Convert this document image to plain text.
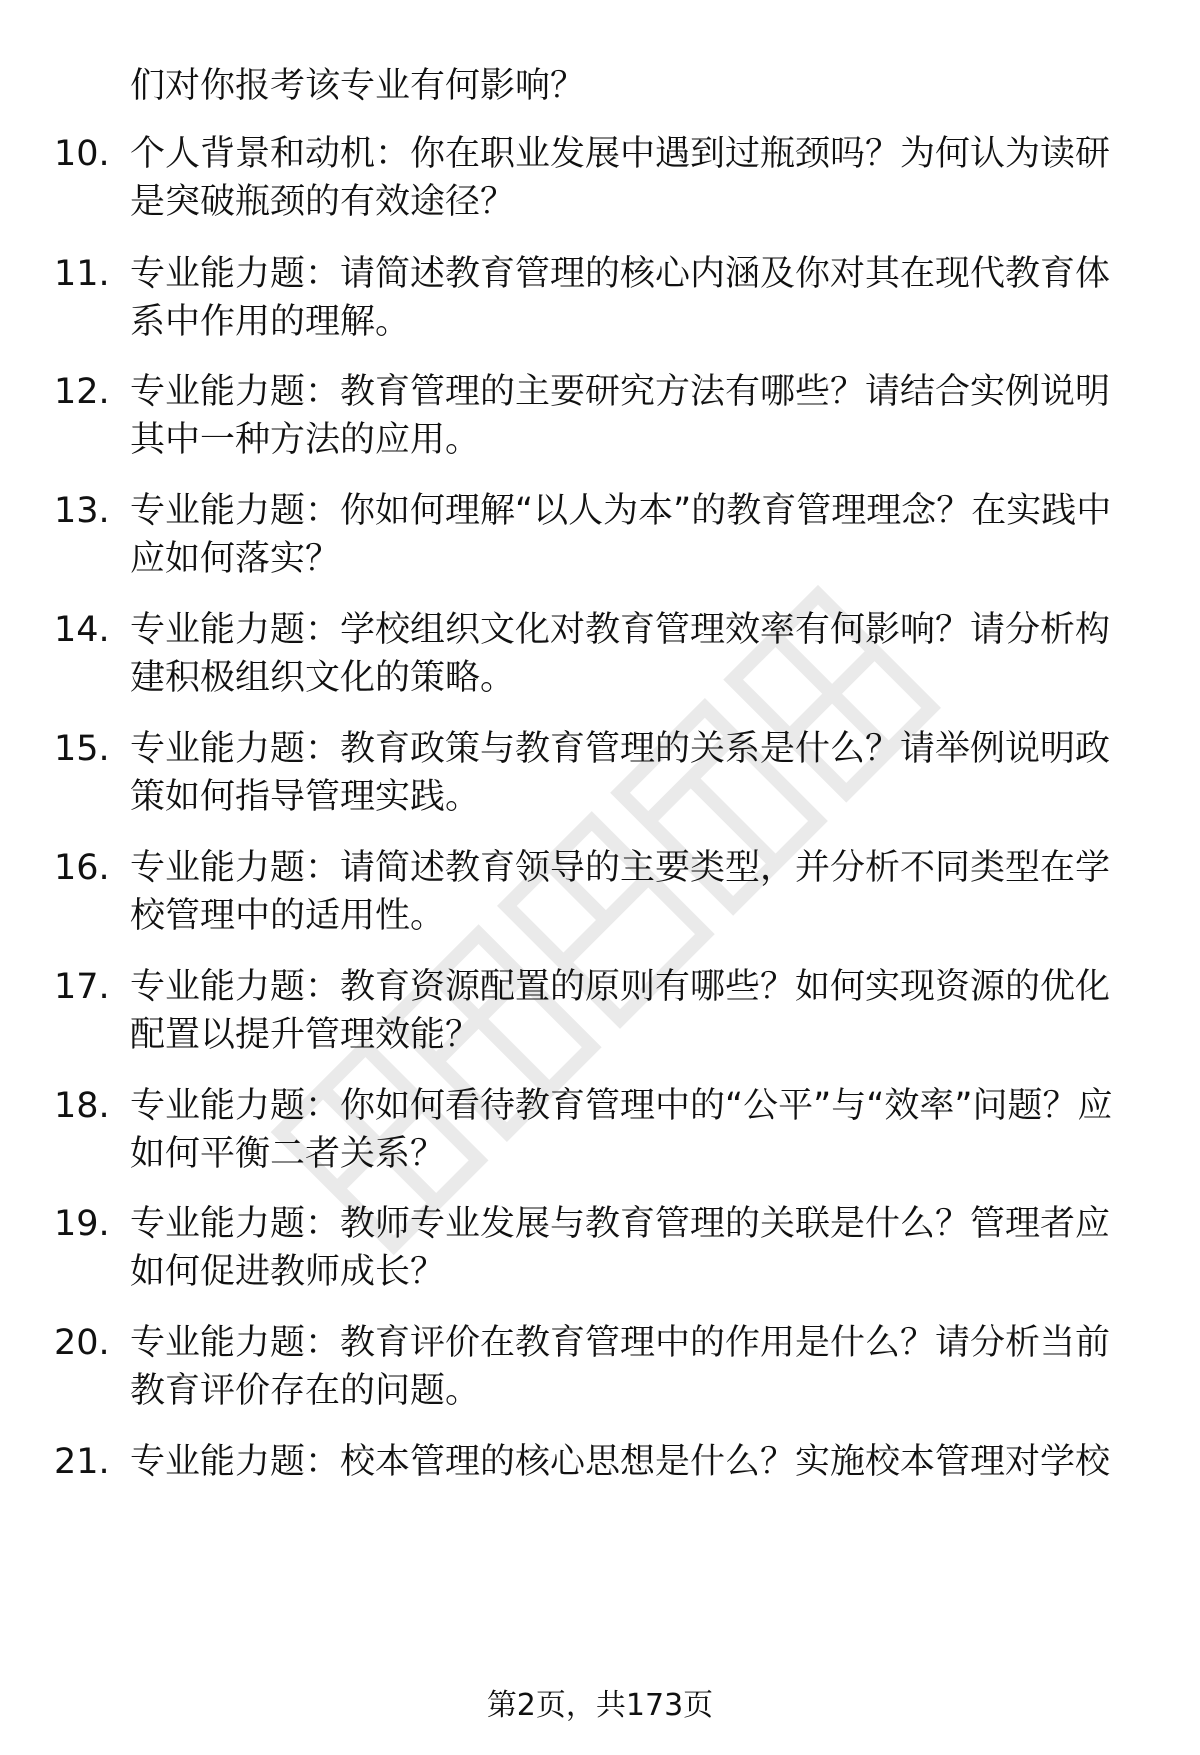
们对你报考该专业有何影响？
10. 个人背景和动机：你在职业发展中遇到过瓶颈吗？为何认为读研是突破瓶颈的有效途径？
11. 专业能力题：请简述教育管理的核心内涵及你对其在现代教育体系中作用的理解。
12. 专业能力题：教育管理的主要研究方法有哪些？请结合实例说明其中一种方法的应用。
13. 专业能力题：你如何理解“以人为本”的教育管理理念？在实践中应如何落实？
14. 专业能力题：学校组织文化对教育管理效率有何影响？请分析构建积极组织文化的策略。
15. 专业能力题：教育政策与教育管理的关系是什么？请举例说明政策如何指导管理实践。
16. 专业能力题：请简述教育领导的主要类型，并分析不同类型在学校管理中的适用性。
17. 专业能力题：教育资源配置的原则有哪些？如何实现资源的优化配置以提升管理效能？
18. 专业能力题：你如何看待教育管理中的“公平”与“效率”问题？应如何平衡二者关系？
19. 专业能力题：教师专业发展与教育管理的关联是什么？管理者应如何促进教师成长？
20. 专业能力题：教育评价在教育管理中的作用是什么？请分析当前教育评价存在的问题。
21. 专业能力题：校本管理的核心思想是什么？实施校本管理对学校
第2页，共173页
